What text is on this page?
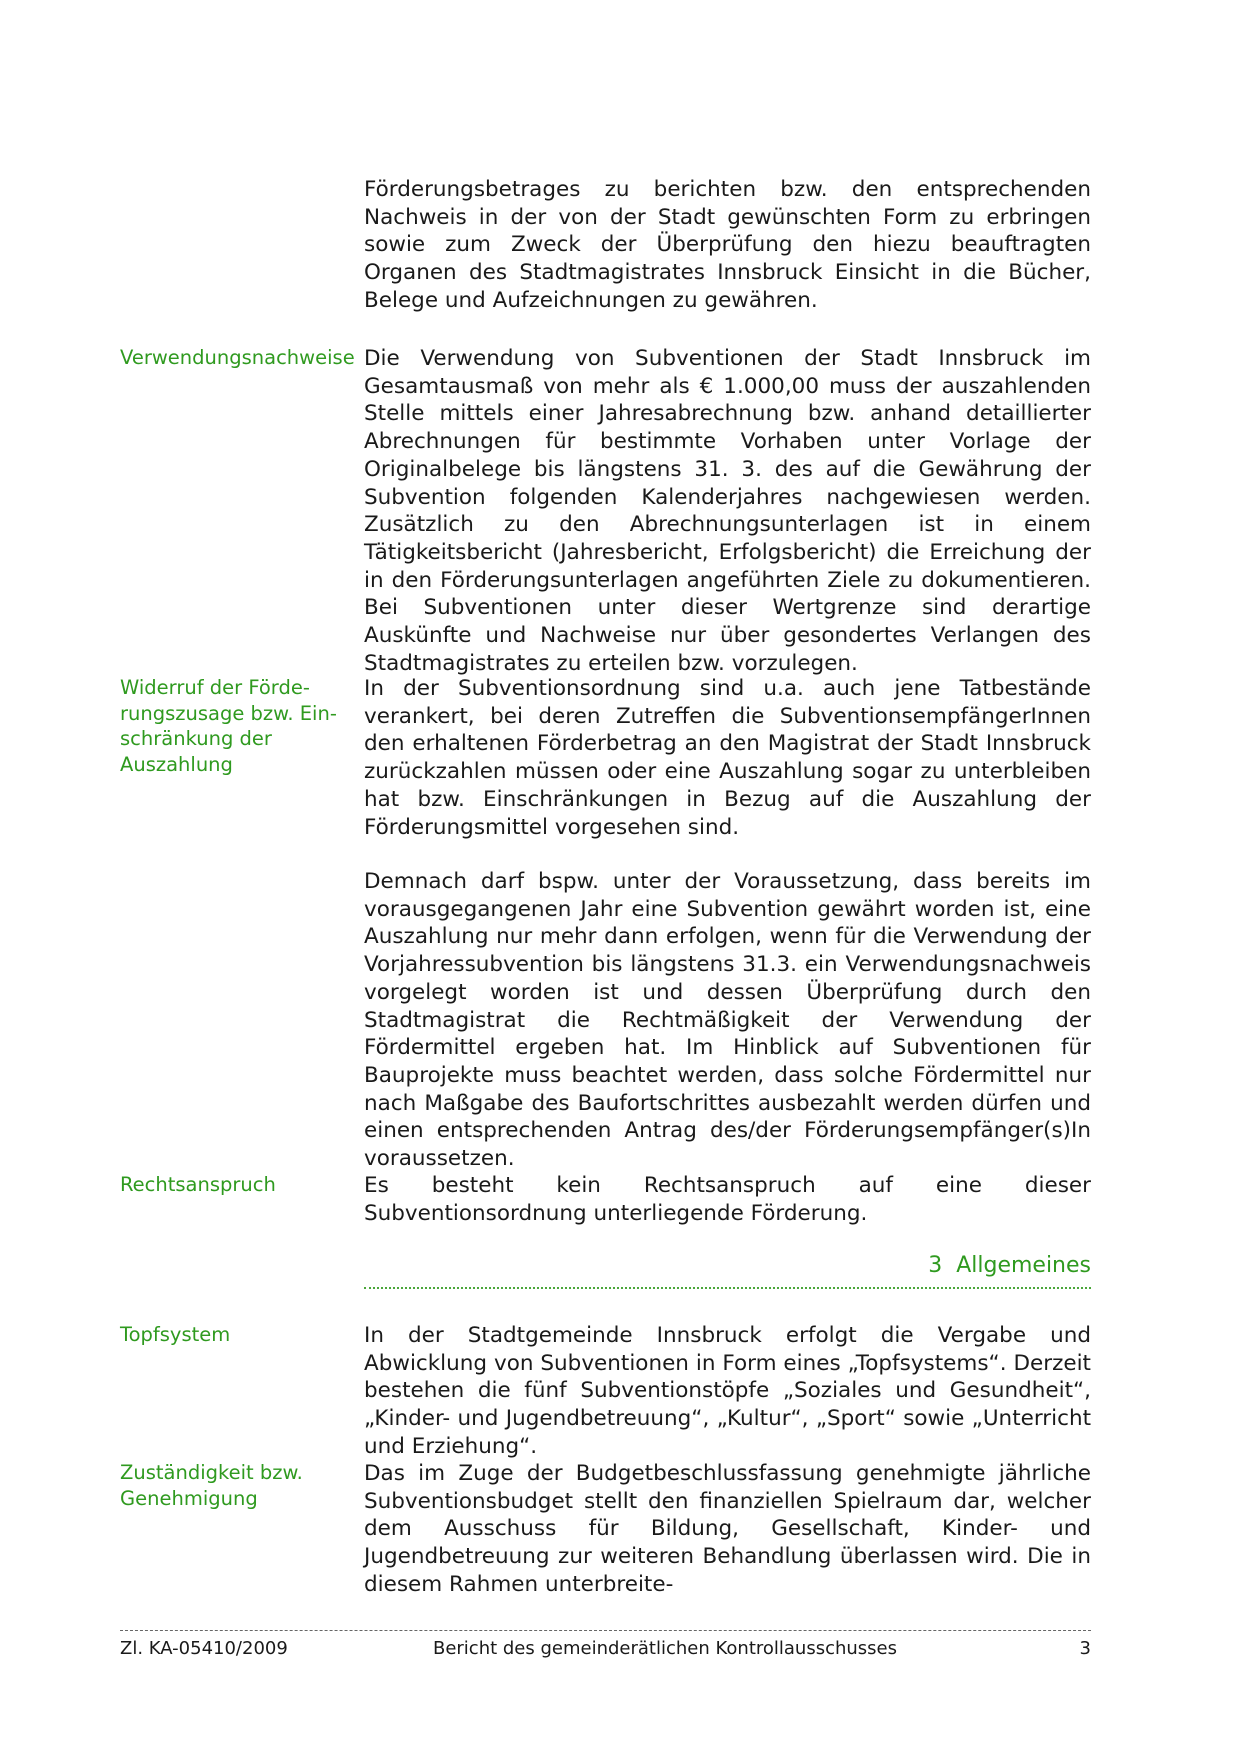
Förderungsbetrages zu berichten bzw. den entsprechenden Nachweis in der von der Stadt gewünschten Form zu erbringen sowie zum Zweck der Überprüfung den hiezu beauftragten Organen des Stadtmagistrates Innsbruck Einsicht in die Bücher, Belege und Aufzeichnungen zu gewähren.
Verwendungsnachweise Die Verwendung von Subventionen der Stadt Innsbruck im Gesamtausmaß von mehr als € 1.000,00 muss der auszahlenden Stelle mittels einer Jahresabrechnung bzw. anhand detaillierter Abrechnungen für bestimmte Vorhaben unter Vorlage der Originalbelege bis längstens 31. 3. des auf die Gewährung der Subvention folgenden Kalenderjahres nachgewiesen werden. Zusätzlich zu den Abrechnungsunterlagen ist in einem Tätigkeitsbericht (Jahresbericht, Erfolgsbericht) die Erreichung der in den Förderungsunterlagen angeführten Ziele zu dokumentieren. Bei Subventionen unter dieser Wertgrenze sind derartige Auskünfte und Nachweise nur über gesondertes Verlangen des Stadtmagistrates zu erteilen bzw. vorzulegen.
Widerruf der Förderungszusage bzw. Einschränkung der Auszahlung
In der Subventionsordnung sind u.a. auch jene Tatbestände verankert, bei deren Zutreffen die SubventionsempfängerInnen den erhaltenen Förderbetrag an den Magistrat der Stadt Innsbruck zurückzahlen müssen oder eine Auszahlung sogar zu unterbleiben hat bzw. Einschränkungen in Bezug auf die Auszahlung der Förderungsmittel vorgesehen sind.
Demnach darf bspw. unter der Voraussetzung, dass bereits im vorausgegangenen Jahr eine Subvention gewährt worden ist, eine Auszahlung nur mehr dann erfolgen, wenn für die Verwendung der Vorjahressubvention bis längstens 31.3. ein Verwendungsnachweis vorgelegt worden ist und dessen Überprüfung durch den Stadtmagistrat die Rechtmäßigkeit der Verwendung der Fördermittel ergeben hat. Im Hinblick auf Subventionen für Bauprojekte muss beachtet werden, dass solche Fördermittel nur nach Maßgabe des Baufortschrittes ausbezahlt werden dürfen und einen entsprechenden Antrag des/der Förderungsempfänger(s)In voraussetzen.
Rechtsanspruch	Es besteht kein Rechtsanspruch auf eine dieser Subventionsordnung unterliegende Förderung.
3 Allgemeines
Topfsystem	In der Stadtgemeinde Innsbruck erfolgt die Vergabe und Abwicklung von Subventionen in Form eines „Topfsystems“. Derzeit bestehen die fünf Subventionstöpfe „Soziales und Gesundheit“, „Kinder- und Jugendbetreuung“, „Kultur“, „Sport“ sowie „Unterricht und Erziehung“.
Zuständigkeit bzw. Genehmigung
Das im Zuge der Budgetbeschlussfassung genehmigte jährliche Subventionsbudget stellt den finanziellen Spielraum dar, welcher dem Ausschuss für Bildung, Gesellschaft, Kinder- und Jugendbetreuung zur weiteren Behandlung überlassen wird. Die in diesem Rahmen unterbreite-
Zl. KA-05410/2009	Bericht des gemeinderätlichen Kontrollausschusses	3
